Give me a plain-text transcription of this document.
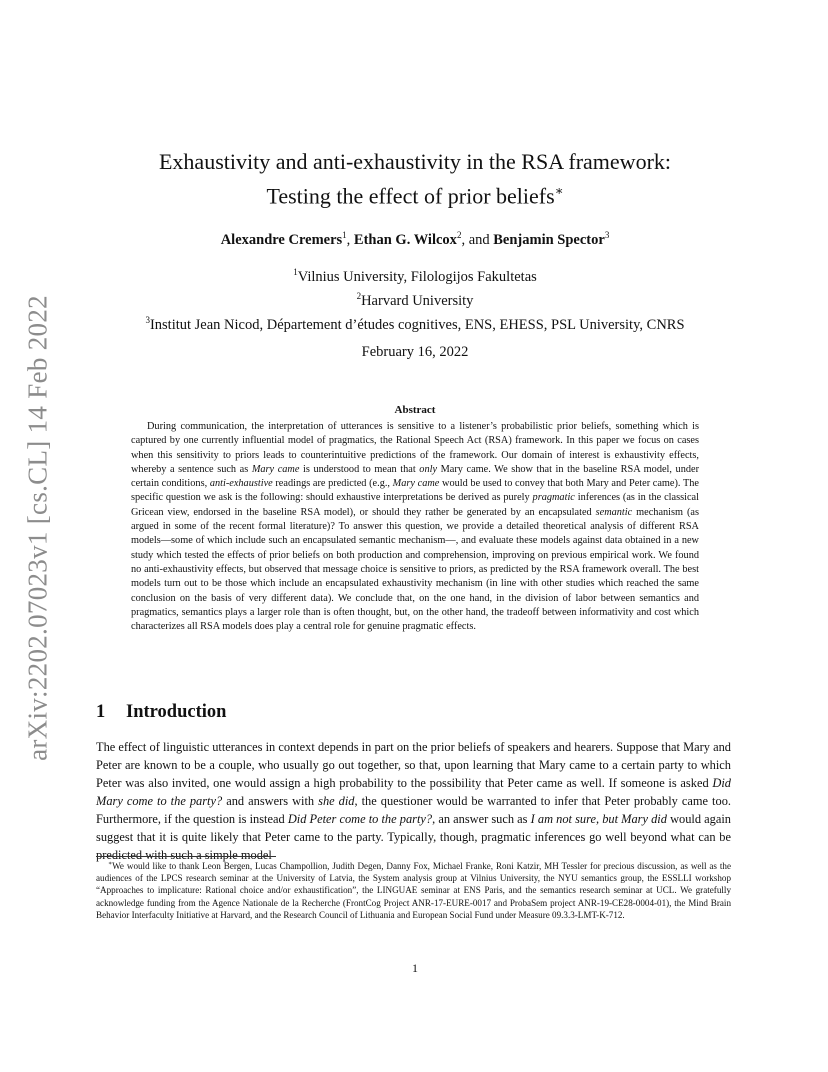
arXiv:2202.07023v1 [cs.CL] 14 Feb 2022
Exhaustivity and anti-exhaustivity in the RSA framework:
Testing the effect of prior beliefs∗
Alexandre Cremers$^1$, Ethan G. Wilcox$^2$, and Benjamin Spector$^3$
$^1$Vilnius University, Filologijos Fakultetas
$^2$Harvard University
$^3$Institut Jean Nicod, Département d’études cognitives, ENS, EHESS, PSL University, CNRS
February 16, 2022
Abstract
During communication, the interpretation of utterances is sensitive to a listener’s probabilistic prior beliefs, something which is captured by one currently influential model of pragmatics, the Rational Speech Act (RSA) framework. In this paper we focus on cases when this sensitivity to priors leads to counterintuitive predictions of the framework. Our domain of interest is exhaustivity effects, whereby a sentence such as Mary came is understood to mean that only Mary came. We show that in the baseline RSA model, under certain conditions, anti-exhaustive readings are predicted (e.g., Mary came would be used to convey that both Mary and Peter came). The specific question we ask is the following: should exhaustive interpretations be derived as purely pragmatic inferences (as in the classical Gricean view, endorsed in the baseline RSA model), or should they rather be generated by an encapsulated semantic mechanism (as argued in some of the recent formal literature)? To answer this question, we provide a detailed theoretical analysis of different RSA models—some of which include such an encapsulated semantic mechanism—, and evaluate these models against data obtained in a new study which tested the effects of prior beliefs on both production and comprehension, improving on previous empirical work. We found no anti-exhaustivity effects, but observed that message choice is sensitive to priors, as predicted by the RSA framework overall. The best models turn out to be those which include an encapsulated exhaustivity mechanism (in line with other studies which reached the same conclusion on the basis of very different data). We conclude that, on the one hand, in the division of labor between semantics and pragmatics, semantics plays a larger role than is often thought, but, on the other hand, the tradeoff between informativity and cost which characterizes all RSA models does play a central role for genuine pragmatic effects.
1 Introduction
The effect of linguistic utterances in context depends in part on the prior beliefs of speakers and hearers. Suppose that Mary and Peter are known to be a couple, who usually go out together, so that, upon learning that Mary came to a certain party to which Peter was also invited, one would assign a high probability to the possibility that Peter came as well. If someone is asked Did Mary come to the party? and answers with she did, the questioner would be warranted to infer that Peter probably came too. Furthermore, if the question is instead Did Peter come to the party?, an answer such as I am not sure, but Mary did would again suggest that it is quite likely that Peter came to the party. Typically, though, pragmatic inferences go well beyond what can be predicted with such a simple model
∗We would like to thank Leon Bergen, Lucas Champollion, Judith Degen, Danny Fox, Michael Franke, Roni Katzir, MH Tessler for precious discussion, as well as the audiences of the LPCS research seminar at the University of Latvia, the System analysis group at Vilnius University, the NYU semantics group, the ESSLLI workshop “Approaches to implicature: Rational choice and/or exhaustification”, the LINGUAE seminar at ENS Paris, and the semantics research seminar at UCL. We gratefully acknowledge funding from the Agence Nationale de la Recherche (FrontCog Project ANR-17-EURE-0017 and ProbaSem project ANR-19-CE28-0004-01), the Mind Brain Behavior Interfaculty Initiative at Harvard, and the Research Council of Lithuania and European Social Fund under Measure 09.3.3-LMT-K-712.
1
